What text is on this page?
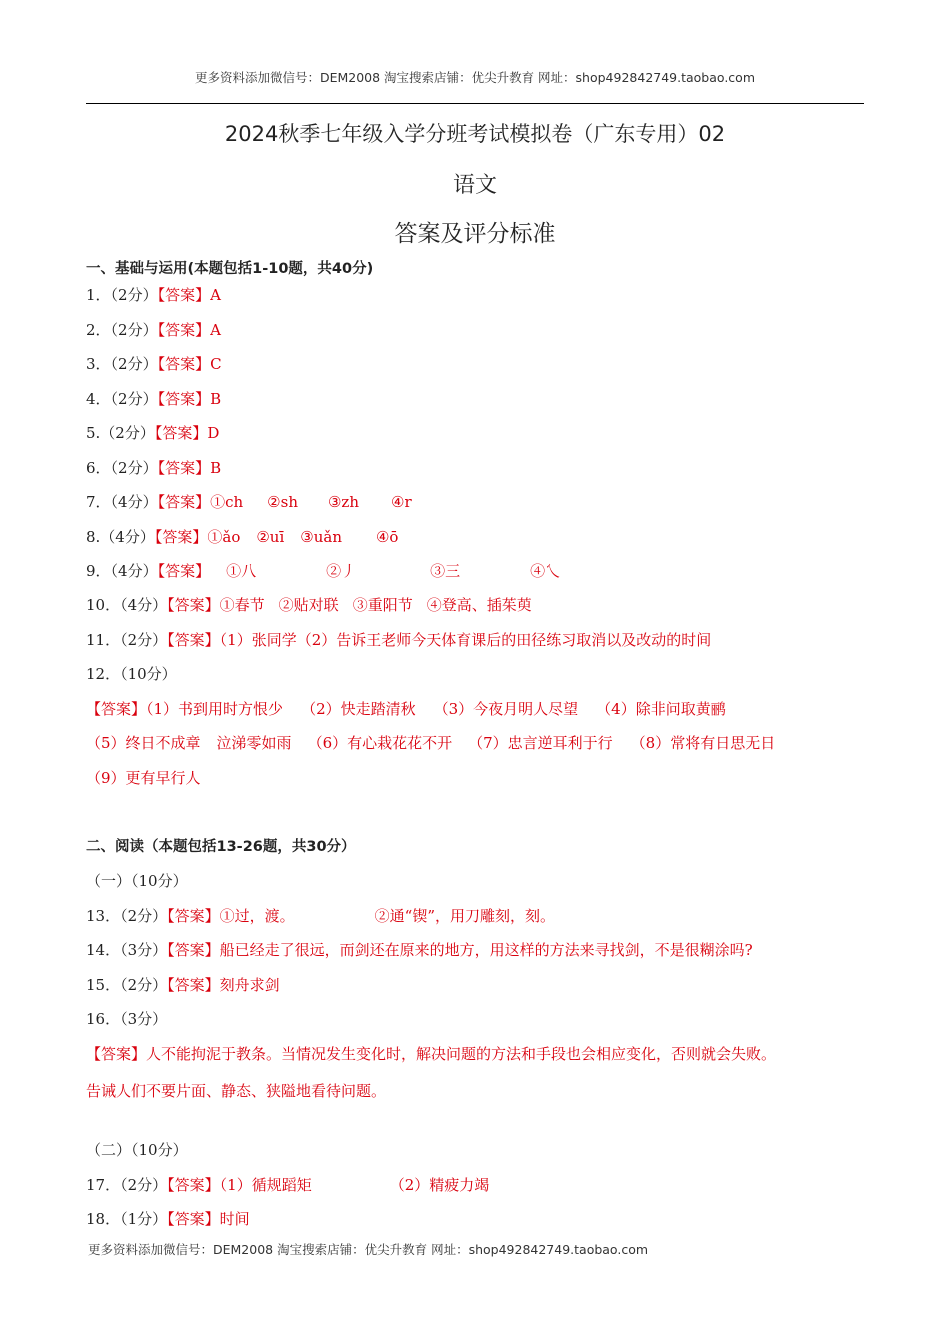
更多资料添加微信号：DEM2008 淘宝搜索店铺：优尖升教育 网址：shop492842749.taobao.com
2024秋季七年级入学分班考试模拟卷（广东专用）02
语文
答案及评分标准
一、基础与运用(本题包括1-10题，共40分)
1．（2分）【答案】A
2．（2分）【答案】A
3．（2分）【答案】C
4．（2分）【答案】B
5.（2分）【答案】D
6．（2分）【答案】B
7．（4分）【答案】①ch ②sh ③zh ④r
8.（4分）【答案】①ǎo ②uī ③uǎn ④ō
9．（4分）【答案】 ①八	②丿	③三	④乀
10．（4分）【答案】①春节 ②贴对联 ③重阳节 ④登高、插茱萸
11．（2分）【答案】（1）张同学（2）告诉王老师今天体育课后的田径练习取消以及改动的时间
12．（10分）
【答案】（1）书到用时方恨少 （2）快走踏清秋 （3）今夜月明人尽望 （4）除非问取黄鹂
（5）终日不成章 泣涕零如雨 （6）有心栽花花不开 （7）忠言逆耳利于行 （8）常将有日思无日
（9）更有早行人
二、阅读（本题包括13-26题，共30分）
（一）（10分）
13．（2分）【答案】①过，渡。	②通“锲”，用刀雕刻，刻。
14．（3分）【答案】船已经走了很远，而剑还在原来的地方，用这样的方法来寻找剑，不是很糊涂吗?
15．（2分）【答案】刻舟求剑
16．（3分）
【答案】人不能拘泥于教条。当情况发生变化时，解决问题的方法和手段也会相应变化，否则就会失败。
告诫人们不要片面、静态、狭隘地看待问题。
（二）（10分）
17．（2分）【答案】（1）循规蹈矩	（2）精疲力竭
18．（1分）【答案】时间
更多资料添加微信号：DEM2008 淘宝搜索店铺：优尖升教育 网址：shop492842749.taobao.com
